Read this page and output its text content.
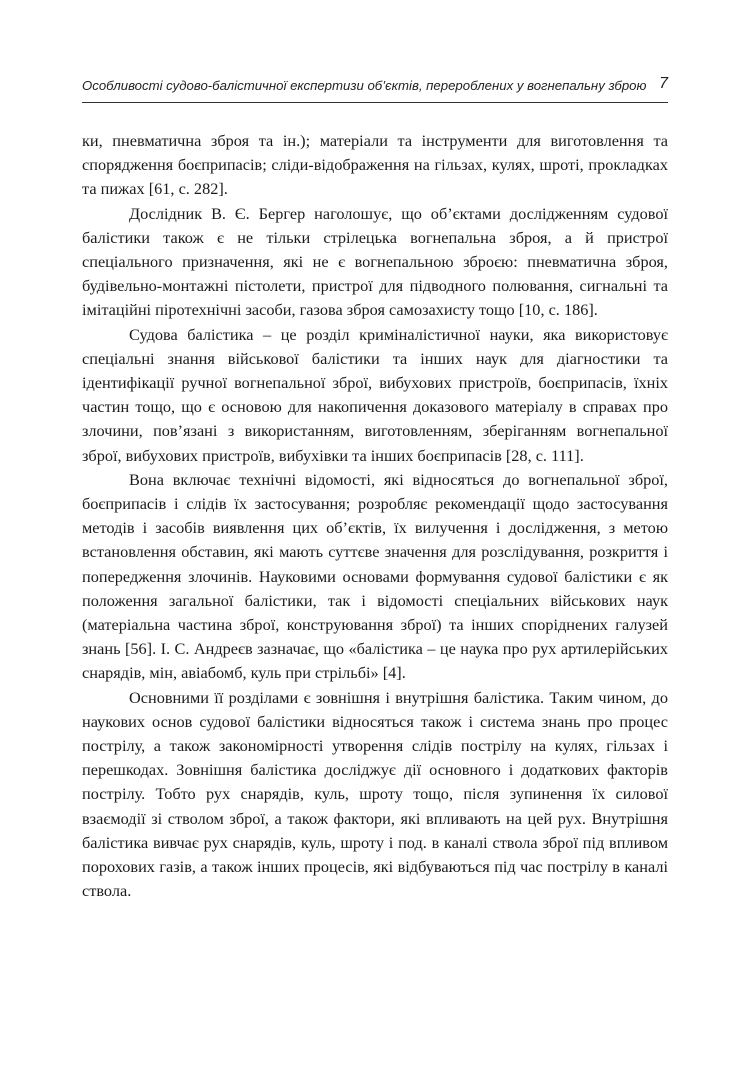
Особливості судово-балістичної експертизи об’єктів, перероблених у вогнепальну зброю 7

ки, пневматична зброя та ін.); матеріали та інструменти для виготовлення та спорядження боєприпасів; сліди-відображення на гільзах, кулях, шроті, прокладках та пижах [61, с. 282].

Дослідник В. Є. Бергер наголошує, що об’єктами дослідженням судової балістики також є не тільки стрілецька вогнепальна зброя, а й пристрої спеціального призначення, які не є вогнепальною зброєю: пневматична зброя, будівельно-монтажні пістолети, пристрої для підводного полювання, сигнальні та імітаційні піротехнічні засоби, газова зброя самозахисту тощо [10, с. 186].

Судова балістика – це розділ криміналістичної науки, яка використовує спеціальні знання військової балістики та інших наук для діагностики та ідентифікації ручної вогнепальної зброї, вибухових пристроїв, боєприпасів, їхніх частин тощо, що є основою для накопичення доказового матеріалу в справах про злочини, пов’язані з використанням, виготовленням, зберіганням вогнепальної зброї, вибухових пристроїв, вибухівки та інших боєприпасів [28, с. 111].

Вона включає технічні відомості, які відносяться до вогнепальної зброї, боєприпасів і слідів їх застосування; розробляє рекомендації щодо застосування методів і засобів виявлення цих об’єктів, їх вилучення і дослідження, з метою встановлення обставин, які мають суттєве значення для розслідування, розкриття і попередження злочинів. Науковими основами формування судової балістики є як положення загальної балістики, так і відомості спеціальних військових наук (матеріальна частина зброї, конструювання зброї) та інших споріднених галузей знань [56]. І. С. Андреєв зазначає, що «балістика – це наука про рух артилерійських снарядів, мін, авіабомб, куль при стрільбі» [4].

Основними її розділами є зовнішня і внутрішня балістика. Таким чином, до наукових основ судової балістики відносяться також і система знань про процес пострілу, а також закономірності утворення слідів пострілу на кулях, гільзах і перешкодах. Зовнішня балістика досліджує дії основного і додаткових факторів пострілу. Тобто рух снарядів, куль, шроту тощо, після зупинення їх силової взаємодії зі стволом зброї, а також фактори, які впливають на цей рух. Внутрішня балістика вивчає рух снарядів, куль, шроту і под. в каналі ствола зброї під впливом порохових газів, а також інших процесів, які відбуваються під час пострілу в каналі ствола.
